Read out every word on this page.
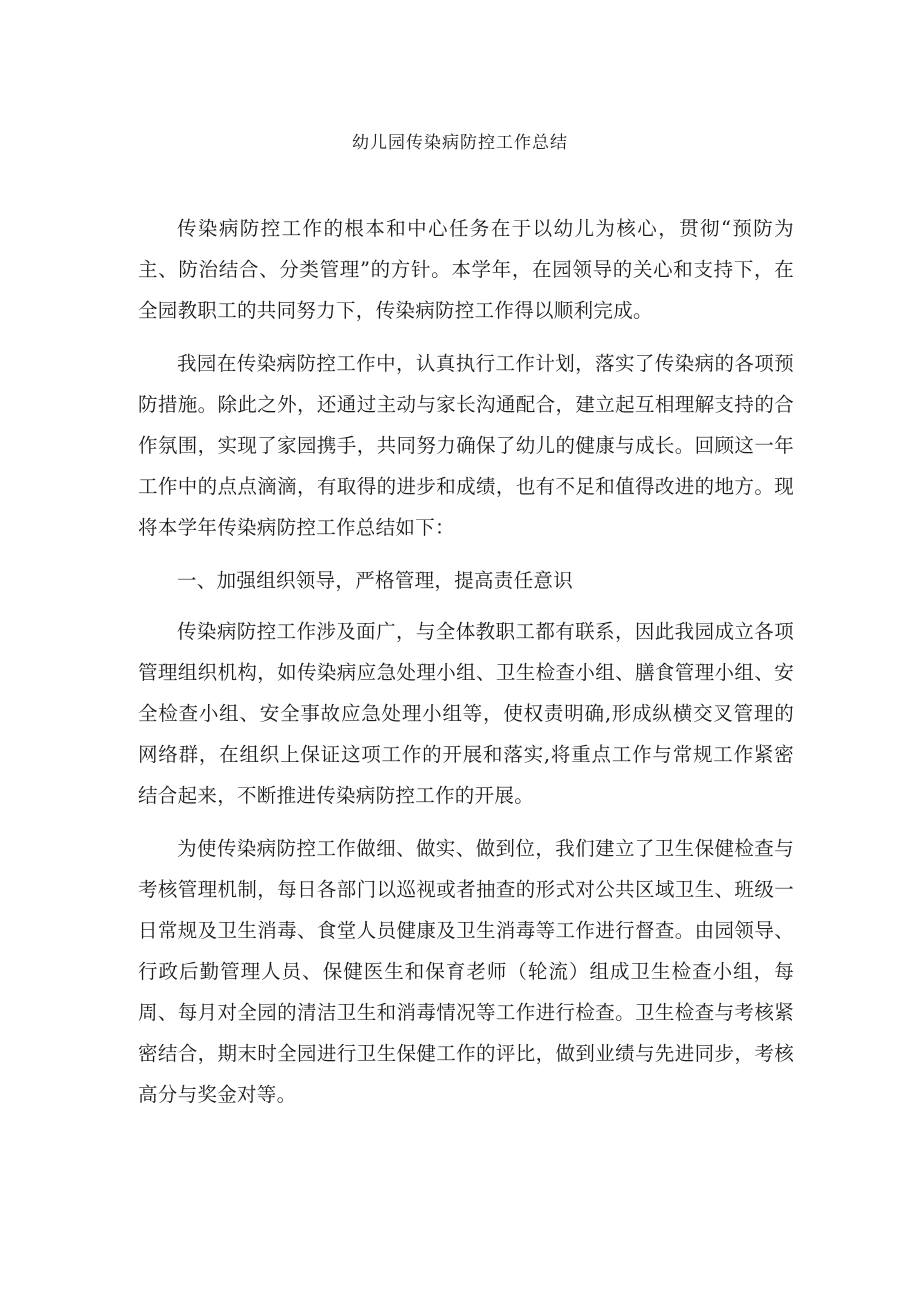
幼儿园传染病防控工作总结

传染病防控工作的根本和中心任务在于以幼儿为核心，贯彻“预防为主、防治结合、分类管理”的方针。本学年，在园领导的关心和支持下，在全园教职工的共同努力下，传染病防控工作得以顺利完成。

我园在传染病防控工作中，认真执行工作计划，落实了传染病的各项预防措施。除此之外，还通过主动与家长沟通配合，建立起互相理解支持的合作氛围，实现了家园携手，共同努力确保了幼儿的健康与成长。回顾这一年工作中的点点滴滴，有取得的进步和成绩，也有不足和值得改进的地方。现将本学年传染病防控工作总结如下：

一、加强组织领导，严格管理，提高责任意识

传染病防控工作涉及面广，与全体教职工都有联系，因此我园成立各项管理组织机构，如传染病应急处理小组、卫生检查小组、膳食管理小组、安全检查小组、安全事故应急处理小组等，使权责明确,形成纵横交叉管理的网络群，在组织上保证这项工作的开展和落实,将重点工作与常规工作紧密结合起来，不断推进传染病防控工作的开展。

为使传染病防控工作做细、做实、做到位，我们建立了卫生保健检查与考核管理机制，每日各部门以巡视或者抽查的形式对公共区域卫生、班级一日常规及卫生消毒、食堂人员健康及卫生消毒等工作进行督查。由园领导、行政后勤管理人员、保健医生和保育老师（轮流）组成卫生检查小组，每周、每月对全园的清洁卫生和消毒情况等工作进行检查。卫生检查与考核紧密结合，期末时全园进行卫生保健工作的评比，做到业绩与先进同步，考核高分与奖金对等。
